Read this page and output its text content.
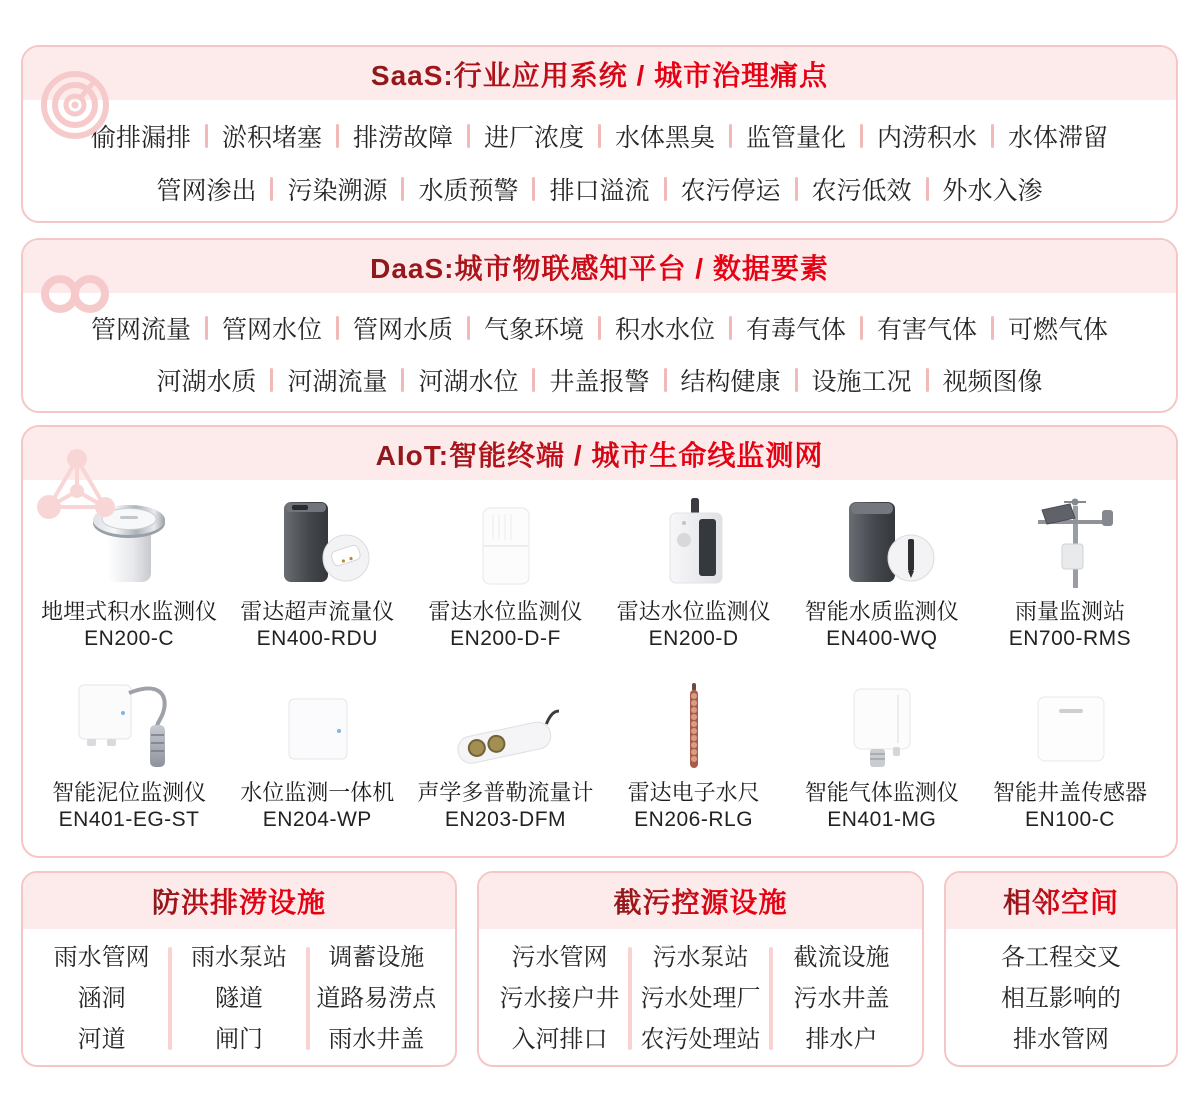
SaaS:行业应用系统 / 城市治理痛点
偷排漏排 淤积堵塞 排涝故障 进厂浓度 水体黑臭 监管量化 内涝积水 水体滞留
管网渗出 污染溯源 水质预警 排口溢流 农污停运 农污低效 外水入渗
DaaS:城市物联感知平台 / 数据要素
管网流量 管网水位 管网水质 气象环境 积水水位 有毒气体 有害气体 可燃气体
河湖水质 河湖流量 河湖水位 井盖报警 结构健康 设施工况 视频图像
AIoT:智能终端 / 城市生命线监测网
地埋式积水监测仪
EN200-C
雷达超声流量仪
EN400-RDU
雷达水位监测仪
EN200-D-F
雷达水位监测仪
EN200-D
智能水质监测仪
EN400-WQ
雨量监测站
EN700-RMS
智能泥位监测仪
EN401-EG-ST
水位监测一体机
EN204-WP
声学多普勒流量计
EN203-DFM
雷达电子水尺
EN206-RLG
智能气体监测仪
EN401-MG
智能井盖传感器
EN100-C
防洪排涝设施
雨水管网
涵洞
河道
雨水泵站
隧道
闸门
调蓄设施
道路易涝点
雨水井盖
截污控源设施
污水管网
污水接户井
入河排口
污水泵站
污水处理厂
农污处理站
截流设施
污水井盖
排水户
相邻空间
各工程交叉
相互影响的
排水管网
